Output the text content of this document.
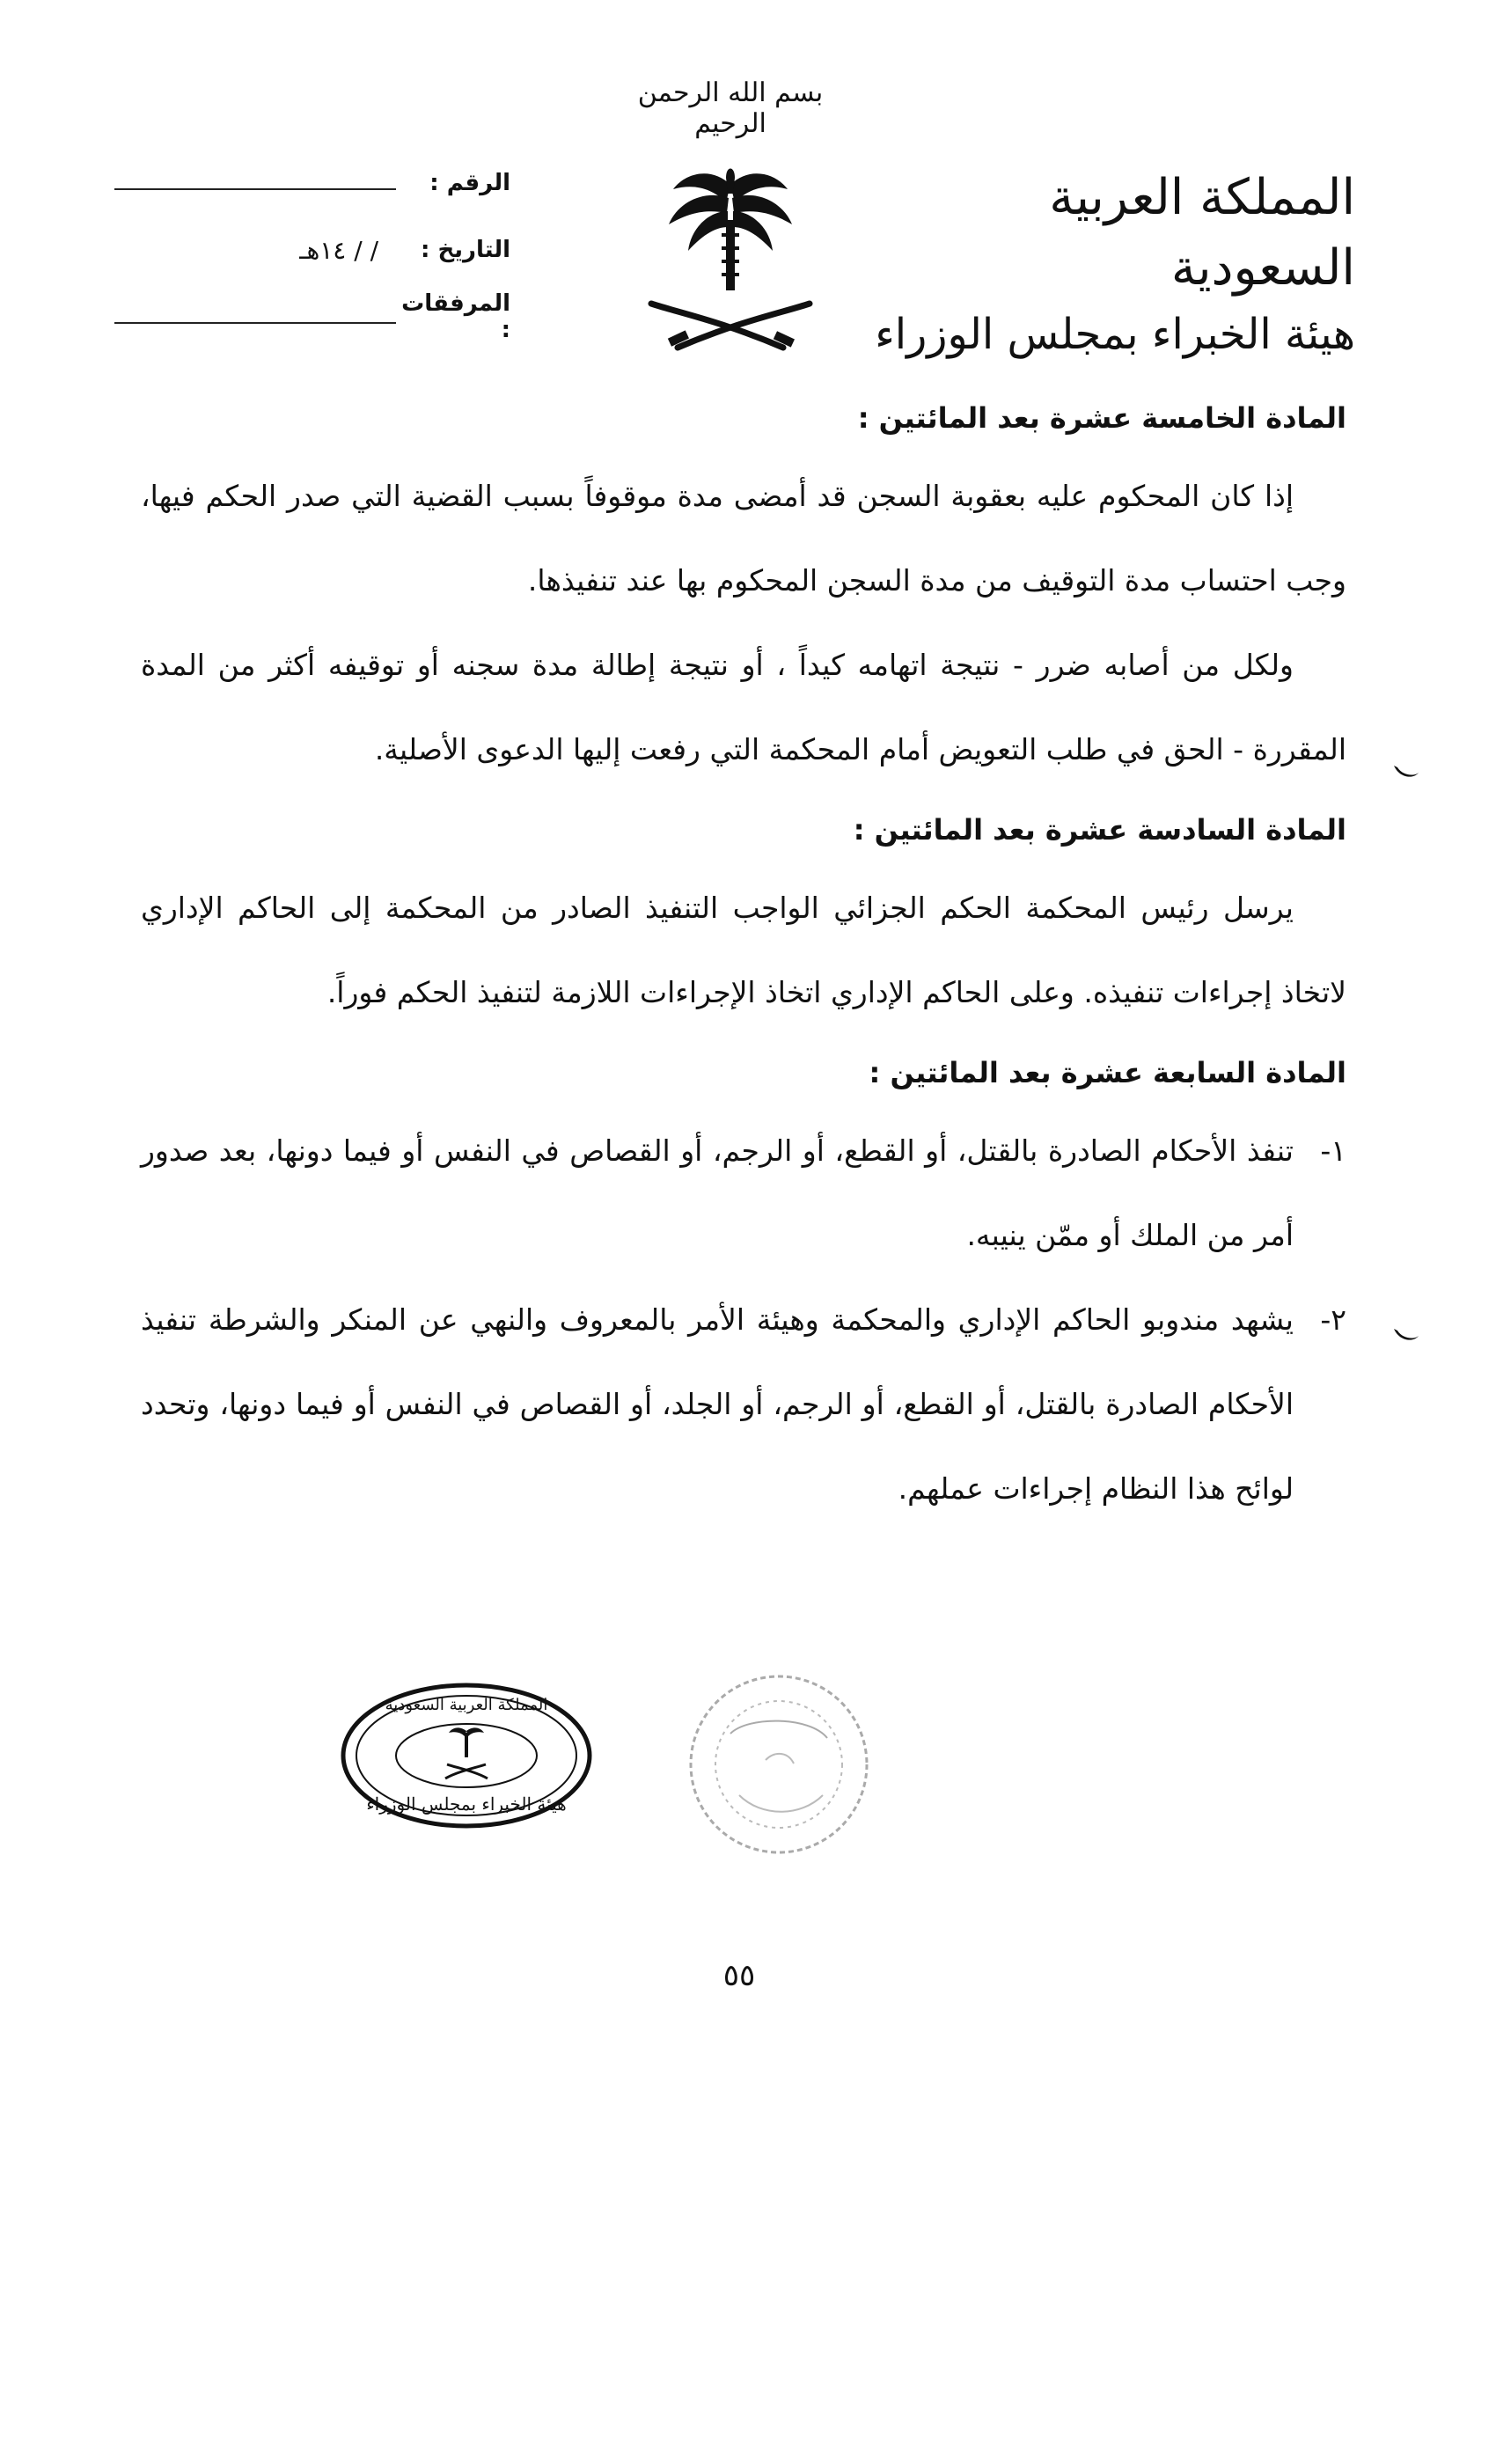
بسم الله الرحمن الرحيم
المملكة العربية السعودية
هيئة الخبراء بمجلس الوزراء
الرقم :
التاريخ :
/ / ١٤هـ
المرفقات :
المادة الخامسة عشرة بعد المائتين :

إذا كان المحكوم عليه بعقوبة السجن قد أمضى مدة موقوفاً بسبب القضية التي صدر الحكم فيها، وجب احتساب مدة التوقيف من مدة السجن المحكوم بها عند تنفيذها.

ولكل من أصابه ضرر - نتيجة اتهامه كيداً ، أو نتيجة إطالة مدة سجنه أو توقيفه أكثر من المدة المقررة - الحق في طلب التعويض أمام المحكمة التي رفعت إليها الدعوى الأصلية.

المادة السادسة عشرة بعد المائتين :

يرسل رئيس المحكمة الحكم الجزائي الواجب التنفيذ الصادر من المحكمة إلى الحاكم الإداري لاتخاذ إجراءات تنفيذه. وعلى الحاكم الإداري اتخاذ الإجراءات اللازمة لتنفيذ الحكم فوراً.

المادة السابعة عشرة بعد المائتين :
١-
تنفذ الأحكام الصادرة بالقتل، أو القطع، أو الرجم، أو القصاص في النفس أو فيما دونها، بعد صدور أمر من الملك أو ممّن ينيبه.
٢-
يشهد مندوبو الحاكم الإداري والمحكمة وهيئة الأمر بالمعروف والنهي عن المنكر والشرطة تنفيذ الأحكام الصادرة بالقتل، أو القطع، أو الرجم، أو الجلد، أو القصاص في النفس أو فيما دونها، وتحدد لوائح هذا النظام إجراءات عملهم.
المملكة العربية السعودية
هيئة الخبراء بمجلس الوزراء
٥٥
